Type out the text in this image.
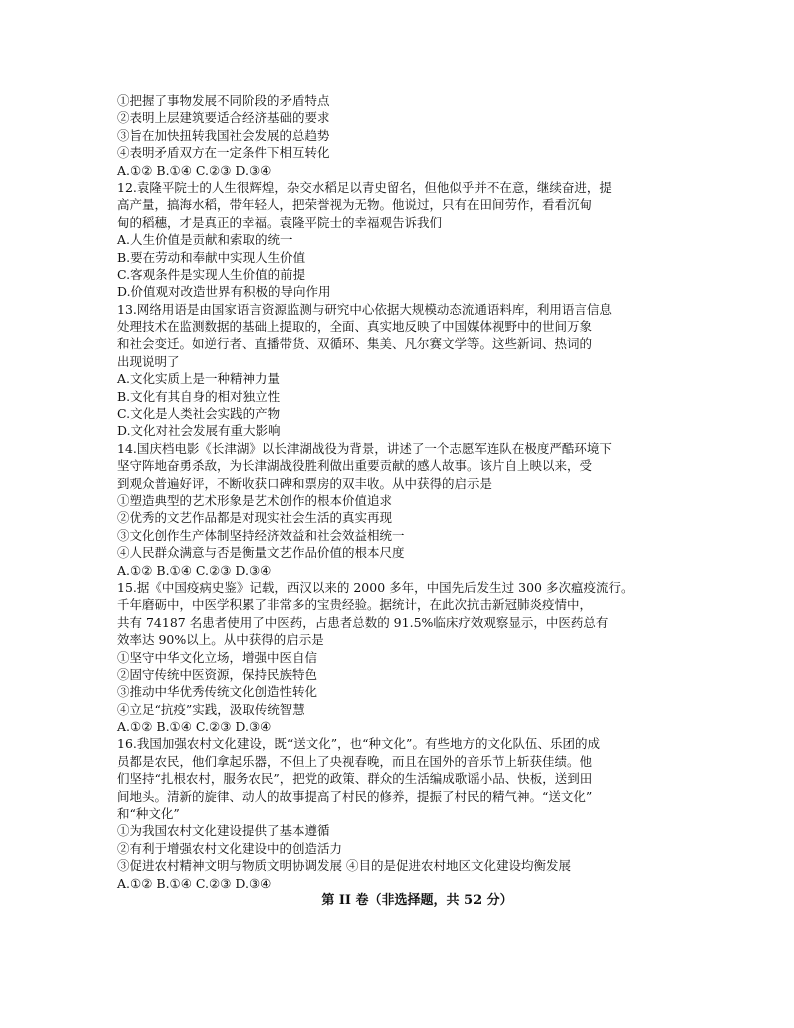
①把握了事物发展不同阶段的矛盾特点
②表明上层建筑要适合经济基础的要求
③旨在加快扭转我国社会发展的总趋势
④表明矛盾双方在一定条件下相互转化
A.①② B.①④ C.②③ D.③④
12.袁隆平院士的人生很辉煌，杂交水稻足以青史留名，但他似乎并不在意，继续奋进，提
高产量，搞海水稻，带年轻人，把荣誉视为无物。他说过，只有在田间劳作，看看沉甸
甸的稻穗，才是真正的幸福。袁隆平院士的幸福观告诉我们
A.人生价值是贡献和索取的统一
B.要在劳动和奉献中实现人生价值
C.客观条件是实现人生价值的前提
D.价值观对改造世界有积极的导向作用
13.网络用语是由国家语言资源监测与研究中心依据大规模动态流通语料库，利用语言信息
处理技术在监测数据的基础上提取的，全面、真实地反映了中国媒体视野中的世间万象
和社会变迁。如逆行者、直播带货、双循环、集美、凡尔赛文学等。这些新词、热词的
出现说明了
A.文化实质上是一种精神力量
B.文化有其自身的相对独立性
C.文化是人类社会实践的产物
D.文化对社会发展有重大影响
14.国庆档电影《长津湖》以长津湖战役为背景，讲述了一个志愿军连队在极度严酷环境下
坚守阵地奋勇杀敌，为长津湖战役胜利做出重要贡献的感人故事。该片自上映以来，受
到观众普遍好评，不断收获口碑和票房的双丰收。从中获得的启示是
①塑造典型的艺术形象是艺术创作的根本价值追求
②优秀的文艺作品都是对现实社会生活的真实再现
③文化创作生产体制坚持经济效益和社会效益相统一
④人民群众满意与否是衡量文艺作品价值的根本尺度
A.①② B.①④ C.②③ D.③④
15.据《中国疫病史鉴》记载，西汉以来的 2000 多年，中国先后发生过 300 多次瘟疫流行。
千年磨砺中，中医学积累了非常多的宝贵经验。据统计，在此次抗击新冠肺炎疫情中，
共有 74187 名患者使用了中医药，占患者总数的 91.5%临床疗效观察显示，中医药总有
效率达 90%以上。从中获得的启示是
①坚守中华文化立场，增强中医自信
②固守传统中医资源，保持民族特色
③推动中华优秀传统文化创造性转化
④立足“抗疫”实践，汲取传统智慧
A.①② B.①④ C.②③ D.③④
16.我国加强农村文化建设，既“送文化”，也“种文化”。有些地方的文化队伍、乐团的成
员都是农民，他们拿起乐器，不但上了央视春晚，而且在国外的音乐节上斩获佳绩。他
们坚持“扎根农村，服务农民”，把党的政策、群众的生活编成歌谣小品、快板，送到田
间地头。清新的旋律、动人的故事提高了村民的修养，提振了村民的精气神。“送文化”
和“种文化”
①为我国农村文化建设提供了基本遵循
②有利于增强农村文化建设中的创造活力
③促进农村精神文明与物质文明协调发展 ④目的是促进农村地区文化建设均衡发展
A.①② B.①④ C.②③ D.③④
第 II 卷（非选择题，共 52 分）
